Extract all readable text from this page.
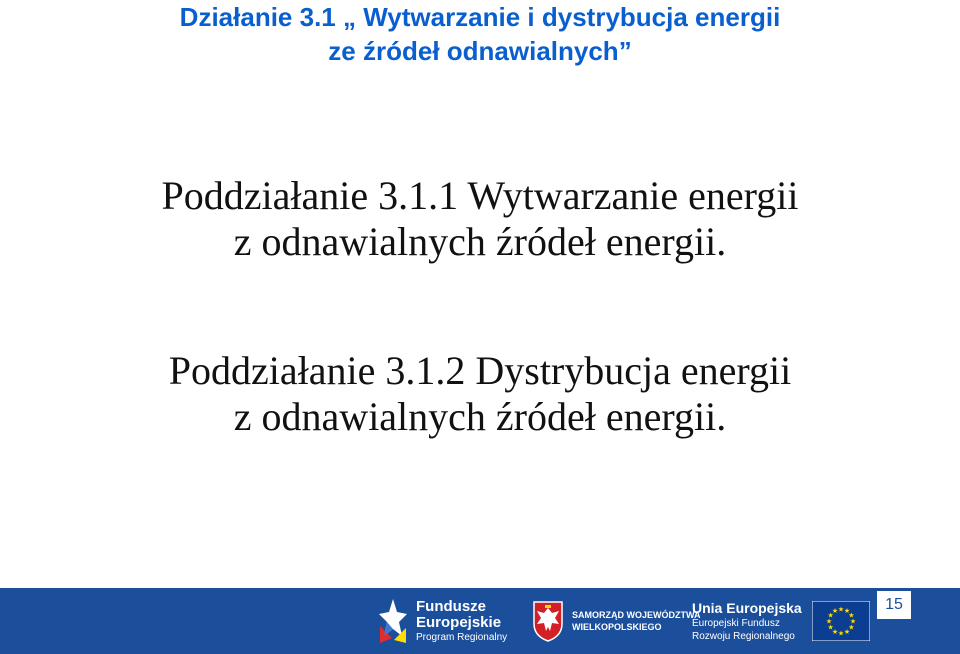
Działanie 3.1 „ Wytwarzanie i dystrybucja energii
ze źródeł odnawialnych”
Poddziałanie 3.1.1 Wytwarzanie energii
z odnawialnych źródeł energii.
Poddziałanie 3.1.2 Dystrybucja energii
z odnawialnych źródeł energii.
Fundusze
Europejskie
Program Regionalny
SAMORZĄD WOJEWÓDZTWA
WIELKOPOLSKIEGO
Unia Europejska
Europejski Fundusz
Rozwoju Regionalnego
★ ★
★
★
★
★
★
★
★
★
★
★	15
